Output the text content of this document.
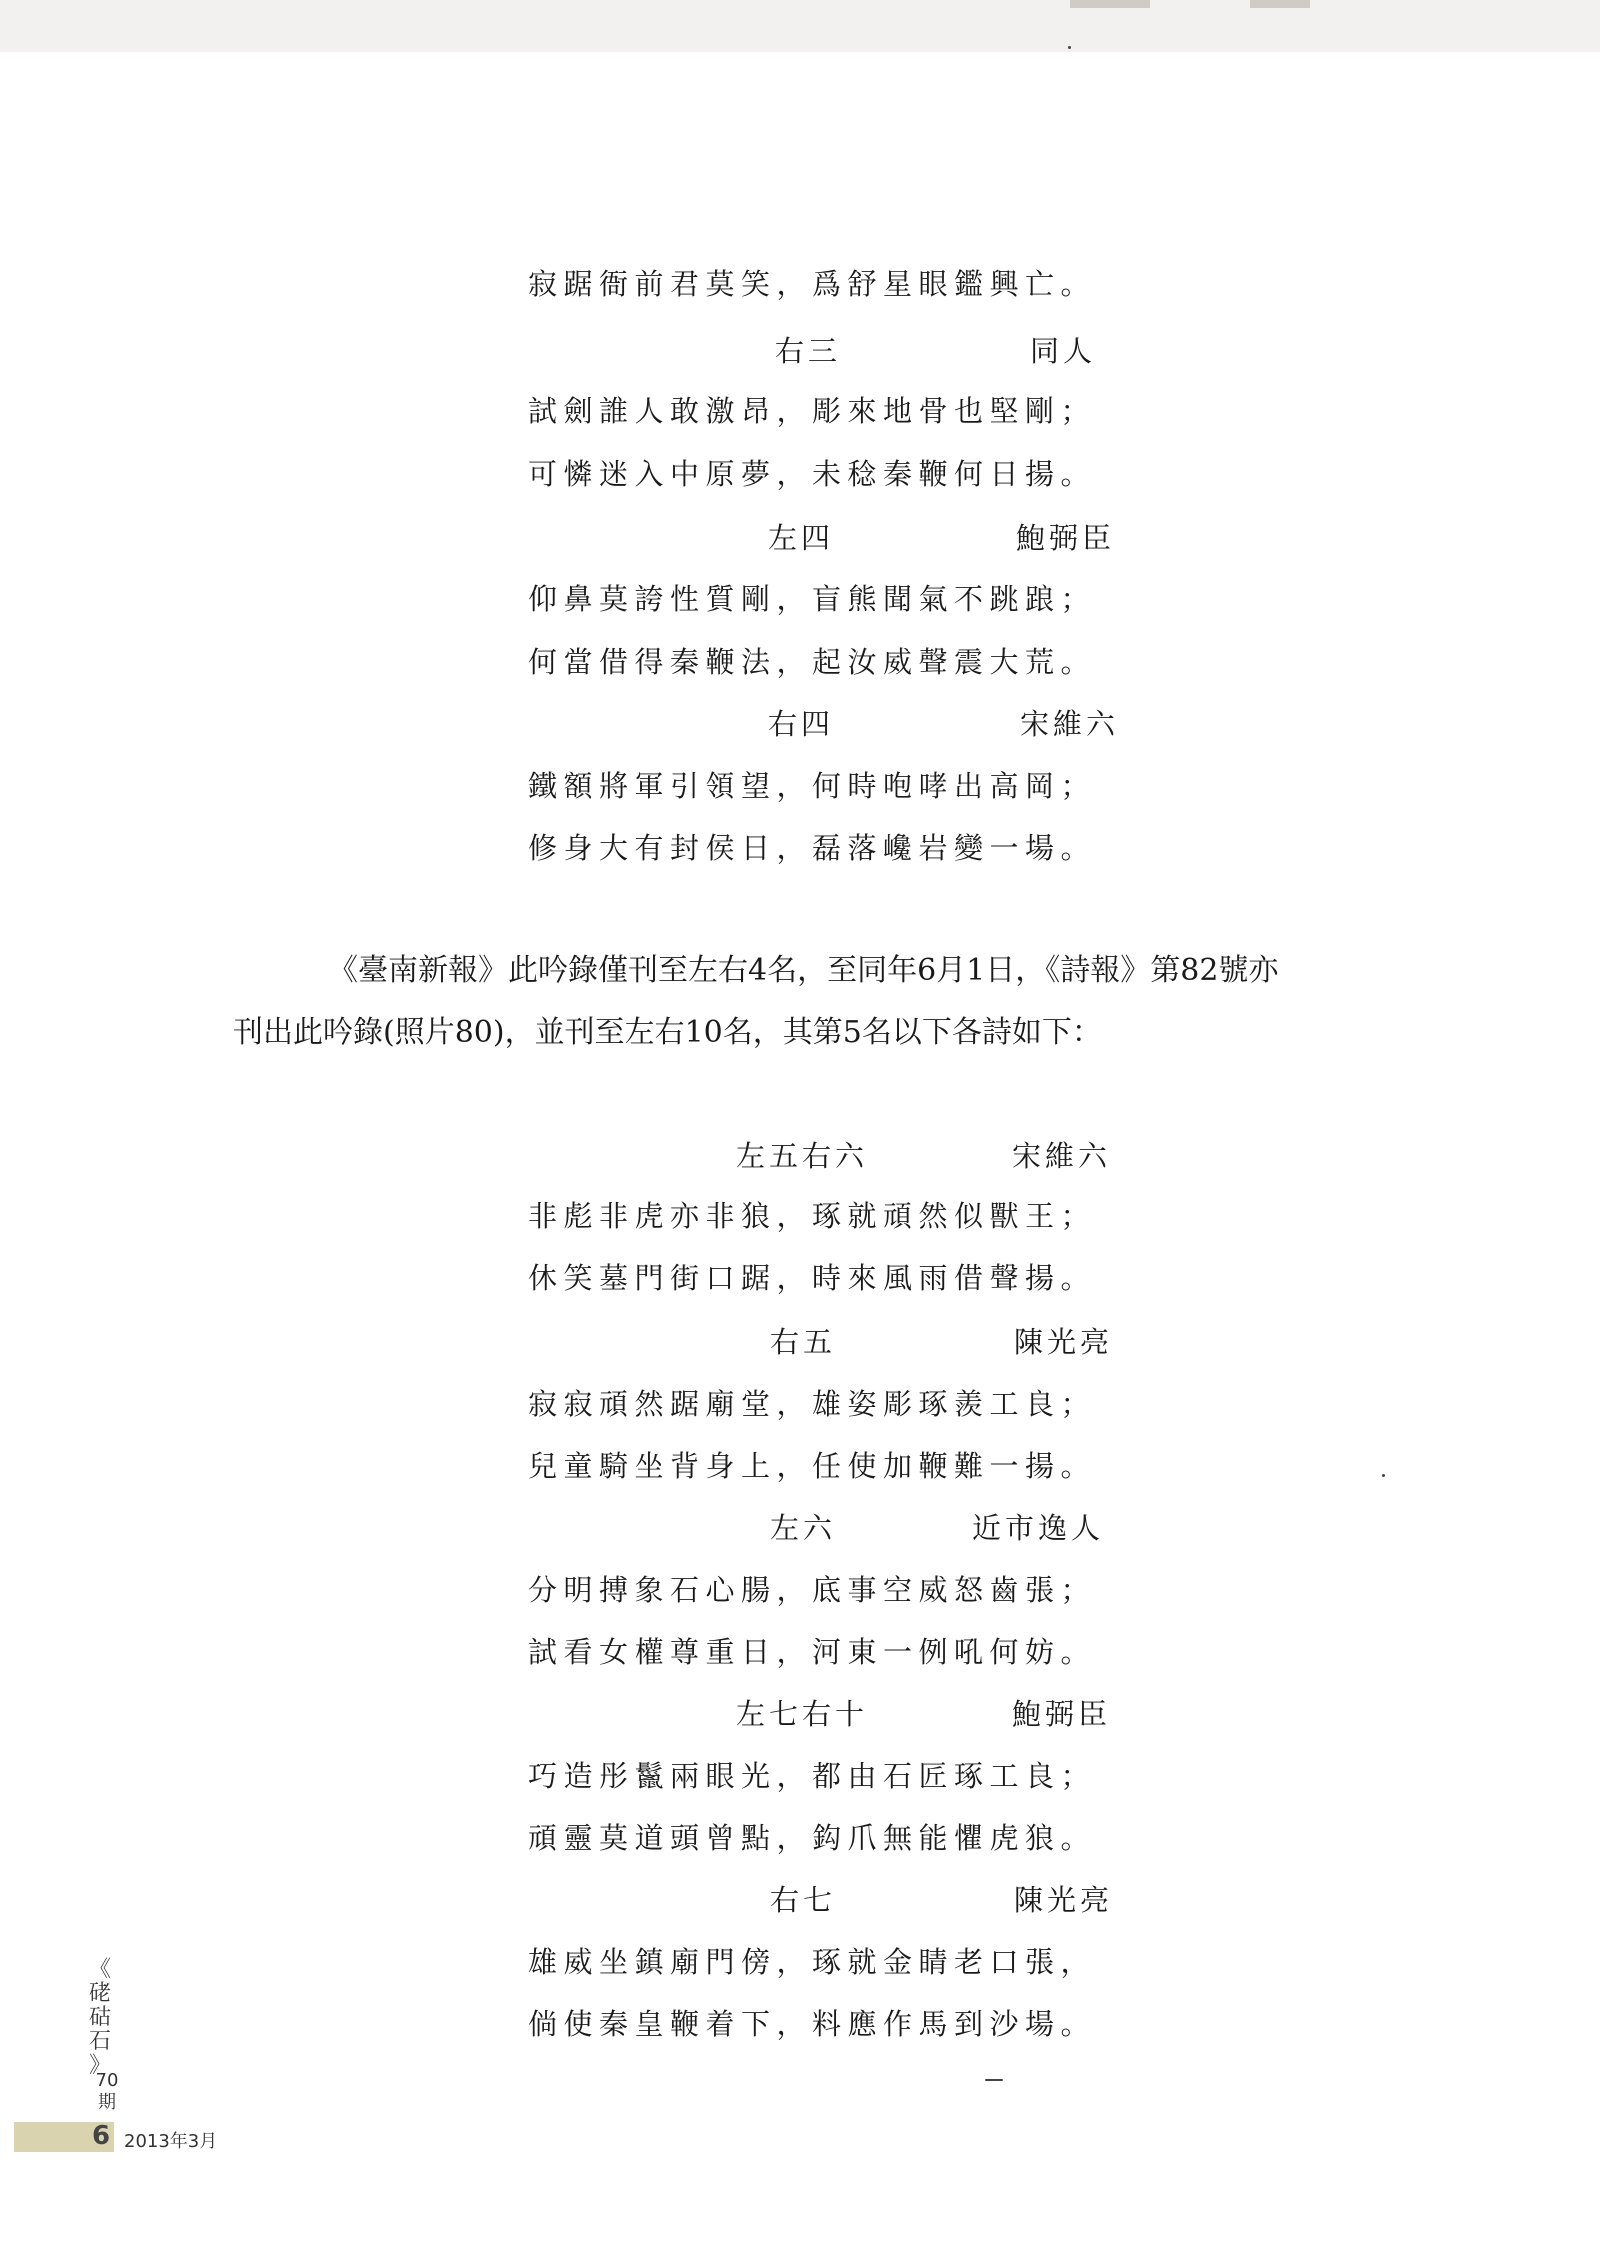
寂踞衙前君莫笑，爲舒星眼鑑興亡。
右三	同人
試劍誰人敢激昂，彫來地骨也堅剛；
可憐迷入中原夢，未稔秦鞭何日揚。
左四	鮑弼臣
仰鼻莫誇性質剛，盲熊聞氣不跳踉；
何當借得秦鞭法，起汝威聲震大荒。
右四	宋維六
鐵額將軍引領望，何時咆哮出高岡；
修身大有封侯日，磊落巉岩變一場。
《臺南新報》此吟錄僅刊至左右4名，至同年6月1日，《詩報》第82號亦
刊出此吟錄(照片80)，並刊至左右10名，其第5名以下各詩如下：
左五右六	宋維六
非彪非虎亦非狼，琢就頑然似獸王；
休笑墓門街口踞，時來風雨借聲揚。
右五	陳光亮
寂寂頑然踞廟堂，雄姿彫琢羨工良；
兒童騎坐背身上，任使加鞭難一揚。
左六	近市逸人
分明搏象石心腸，底事空威怒齒張；
試看女權尊重日，河東一例吼何妨。
左七右十	鮑弼臣
巧造彤鬣兩眼光，都由石匠琢工良；
頑靈莫道頭曾點，鈎爪無能懼虎狼。
右七	陳光亮
雄威坐鎮廟門傍，琢就金睛老口張，
倘使秦皇鞭着下，料應作馬到沙場。
《
硓
𥑮
石
》
70期
6 2013年3月
